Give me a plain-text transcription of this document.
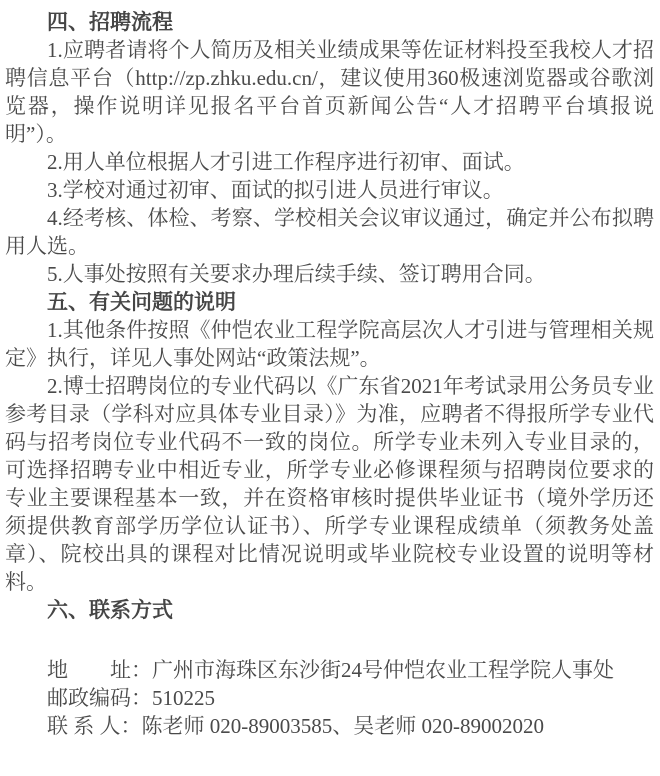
四、招聘流程

1.应聘者请将个人简历及相关业绩成果等佐证材料投至我校人才招聘信息平台（http://zp.zhku.edu.cn/，建议使用360极速浏览器或谷歌浏览器，操作说明详见报名平台首页新闻公告“人才招聘平台填报说明”）。

2.用人单位根据人才引进工作程序进行初审、面试。

3.学校对通过初审、面试的拟引进人员进行审议。

4.经考核、体检、考察、学校相关会议审议通过，确定并公布拟聘用人选。

5.人事处按照有关要求办理后续手续、签订聘用合同。

五、有关问题的说明

1.其他条件按照《仲恺农业工程学院高层次人才引进与管理相关规定》执行，详见人事处网站“政策法规”。

2.博士招聘岗位的专业代码以《广东省2021年考试录用公务员专业参考目录（学科对应具体专业目录）》为准，应聘者不得报所学专业代码与招考岗位专业代码不一致的岗位。所学专业未列入专业目录的，可选择招聘专业中相近专业，所学专业必修课程须与招聘岗位要求的专业主要课程基本一致，并在资格审核时提供毕业证书（境外学历还须提供教育部学历学位认证书）、所学专业课程成绩单（须教务处盖章）、院校出具的课程对比情况说明或毕业院校专业设置的说明等材料。

六、联系方式

地　　址：广州市海珠区东沙街24号仲恺农业工程学院人事处

邮政编码：510225

联 系 人：陈老师 020-89003585、吴老师 020-89002020
